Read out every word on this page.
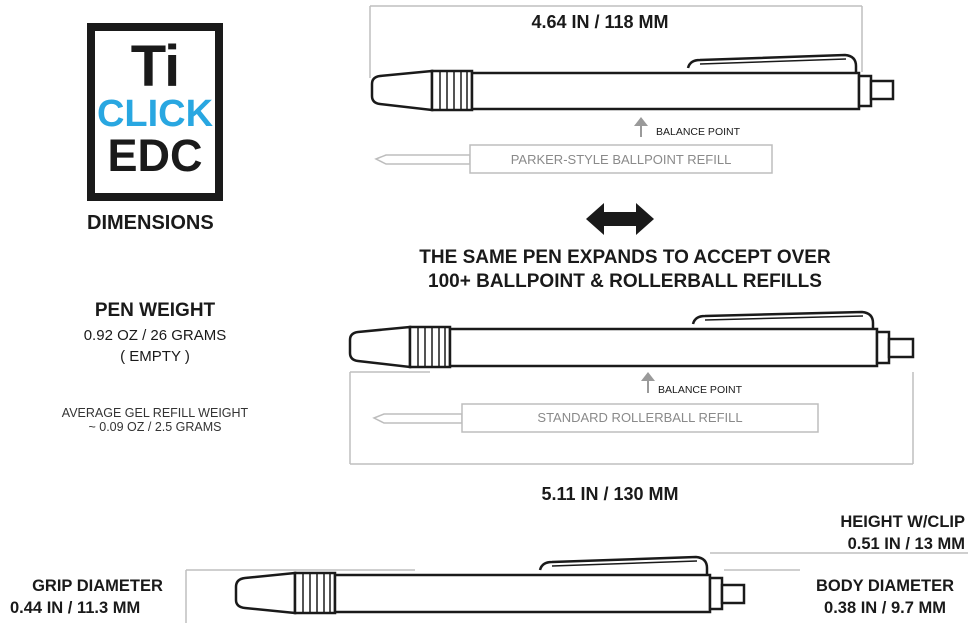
Ti
CLICK
EDC
DIMENSIONS
4.64 IN / 118 MM
BALANCE POINT
PARKER-STYLE BALLPOINT REFILL
THE SAME PEN EXPANDS TO ACCEPT OVER
100+ BALLPOINT & ROLLERBALL REFILLS
PEN WEIGHT
0.92 OZ / 26 GRAMS
( EMPTY )
AVERAGE GEL REFILL WEIGHT
~ 0.09 OZ / 2.5 GRAMS
BALANCE POINT
STANDARD ROLLERBALL REFILL
5.11 IN / 130 MM
HEIGHT W/CLIP
0.51 IN / 13 MM
GRIP DIAMETER
0.44 IN / 11.3 MM
BODY DIAMETER
0.38 IN / 9.7 MM
